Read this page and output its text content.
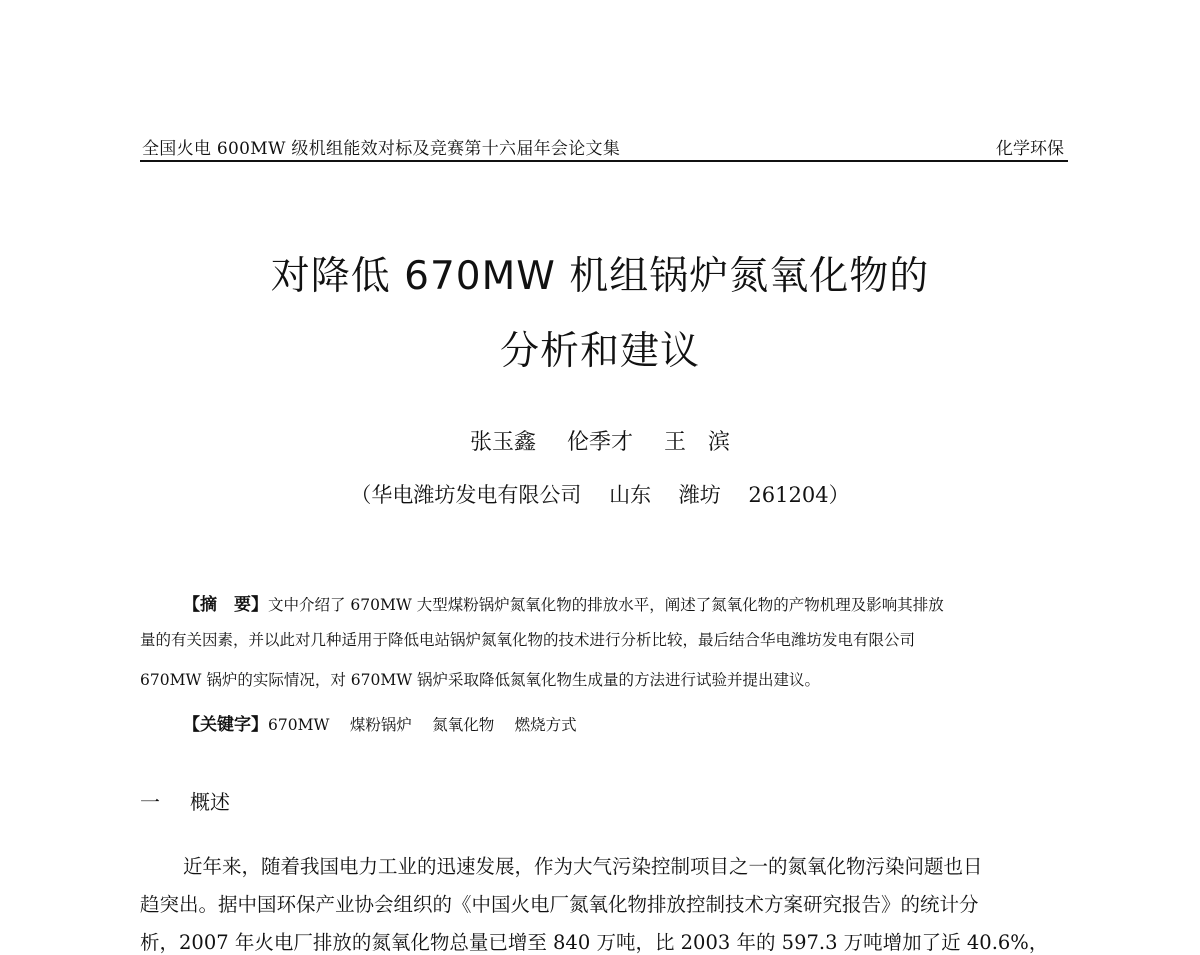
全国火电 600MW 级机组能效对标及竞赛第十六届年会论文集	化学环保
对降低 670MW 机组锅炉氮氧化物的
分析和建议
张玉鑫 伦季才 王　滨
（华电潍坊发电有限公司　 山东　 潍坊　 261204）
【摘　要】文中介绍了 670MW 大型煤粉锅炉氮氧化物的排放水平，阐述了氮氧化物的产物机理及影响其排放
量的有关因素，并以此对几种适用于降低电站锅炉氮氧化物的技术进行分析比较，最后结合华电潍坊发电有限公司
670MW 锅炉的实际情况，对 670MW 锅炉采取降低氮氧化物生成量的方法进行试验并提出建议。
【关键字】670MW　 煤粉锅炉　 氮氧化物　 燃烧方式
一 概述
近年来，随着我国电力工业的迅速发展，作为大气污染控制项目之一的氮氧化物污染问题也日
趋突出。据中国环保产业协会组织的《中国火电厂氮氧化物排放控制技术方案研究报告》的统计分
析，2007 年火电厂排放的氮氧化物总量已增至 840 万吨，比 2003 年的 597.3 万吨增加了近 40.6%，
